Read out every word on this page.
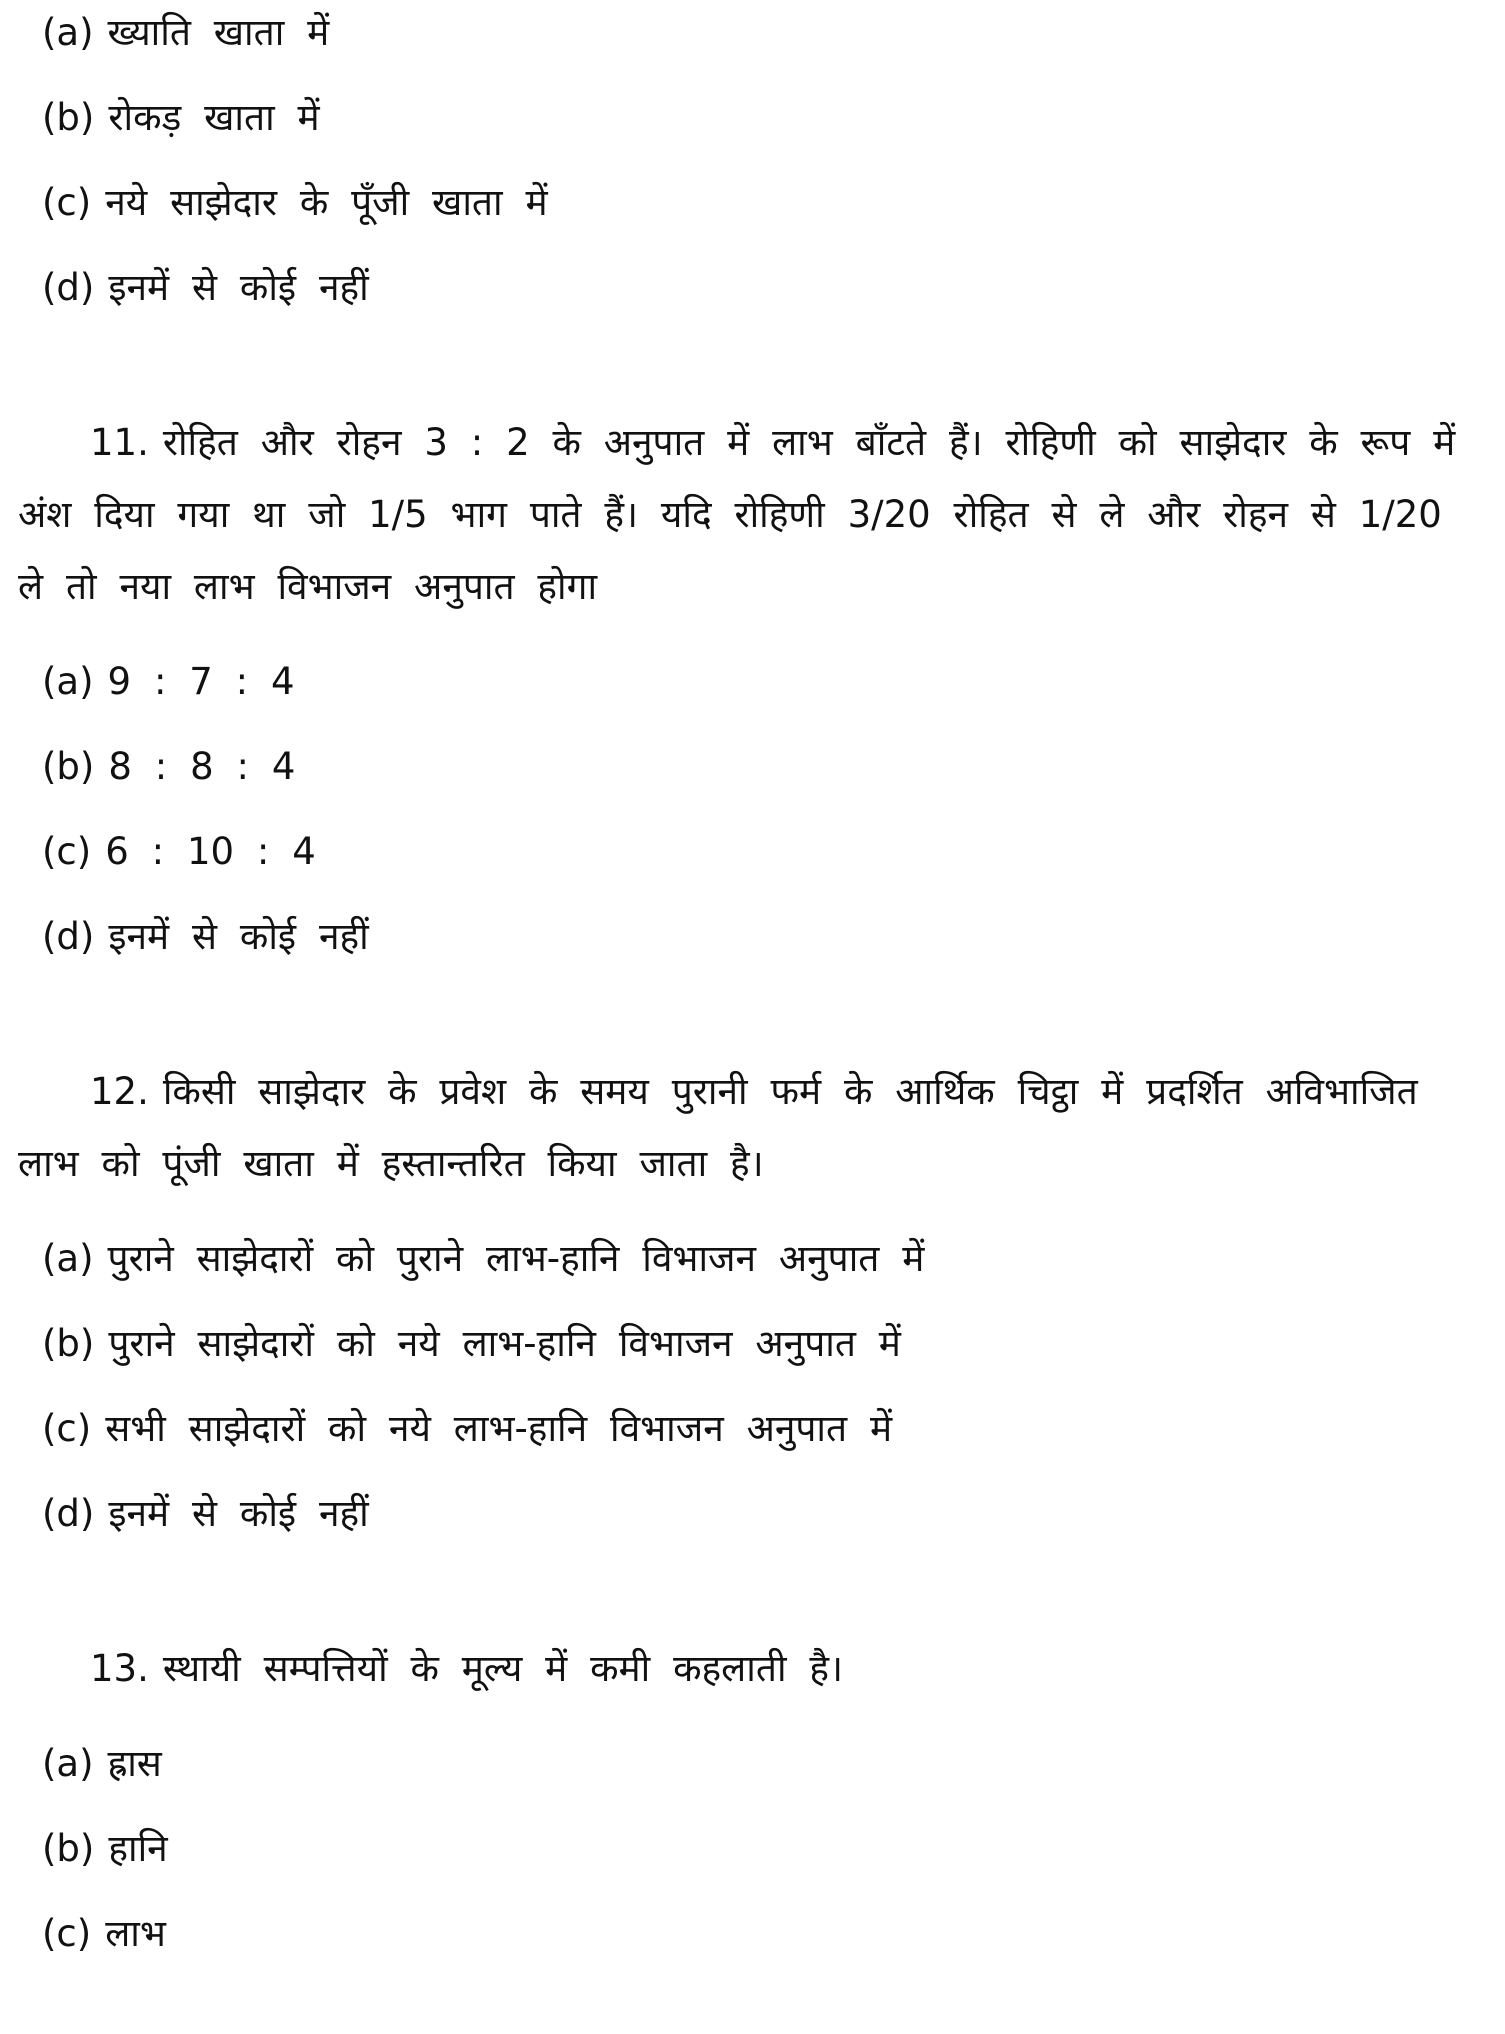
(a) ख्याति खाता में

(b) रोकड़ खाता में

(c) नये साझेदार के पूँजी खाता में

(d) इनमें से कोई नहीं

11. रोहित और रोहन 3 : 2 के अनुपात में लाभ बाँटते हैं। रोहिणी को साझेदार के रूप में अंश दिया गया था जो 1/5 भाग पाते हैं। यदि रोहिणी 3/20 रोहित से ले और रोहन से 1/20 ले तो नया लाभ विभाजन अनुपात होगा

(a) 9 : 7 : 4

(b) 8 : 8 : 4

(c) 6 : 10 : 4

(d) इनमें से कोई नहीं

12. किसी साझेदार के प्रवेश के समय पुरानी फर्म के आर्थिक चिट्ठा में प्रदर्शित अविभाजित लाभ को पूंजी खाता में हस्तान्तरित किया जाता है।

(a) पुराने साझेदारों को पुराने लाभ-हानि विभाजन अनुपात में

(b) पुराने साझेदारों को नये लाभ-हानि विभाजन अनुपात में

(c) सभी साझेदारों को नये लाभ-हानि विभाजन अनुपात में

(d) इनमें से कोई नहीं

13. स्थायी सम्पत्तियों के मूल्य में कमी कहलाती है।

(a) ह्रास

(b) हानि

(c) लाभ
